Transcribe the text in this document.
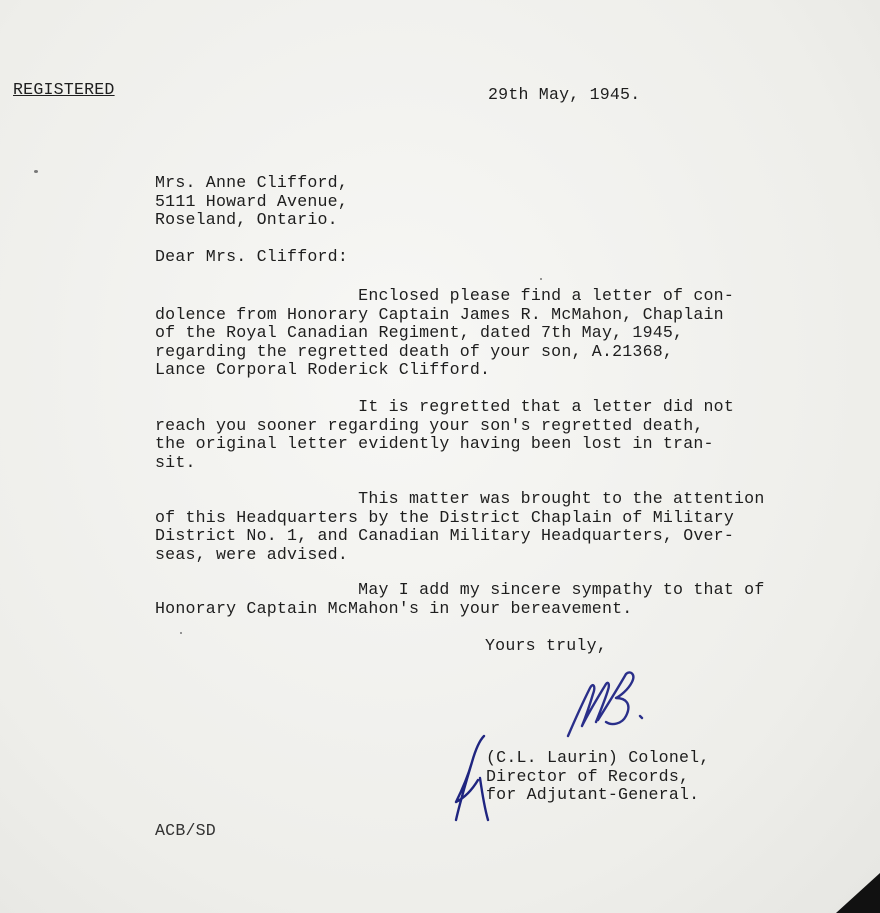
REGISTERED	29th May, 1945.
Mrs. Anne Clifford,
5111 Howard Avenue,
Roseland, Ontario.
Dear Mrs. Clifford:
Enclosed please find a letter of con-
dolence from Honorary Captain James R. McMahon, Chaplain
of the Royal Canadian Regiment, dated 7th May, 1945,
regarding the regretted death of your son, A.21368,
Lance Corporal Roderick Clifford.
It is regretted that a letter did not
reach you sooner regarding your son's regretted death,
the original letter evidently having been lost in tran-
sit.
This matter was brought to the attention
of this Headquarters by the District Chaplain of Military
District No. 1, and Canadian Military Headquarters, Over-
seas, were advised.
May I add my sincere sympathy to that of
Honorary Captain McMahon's in your bereavement.
Yours truly,
(C.L. Laurin) Colonel,
Director of Records,
for Adjutant-General.
ACB/SD
